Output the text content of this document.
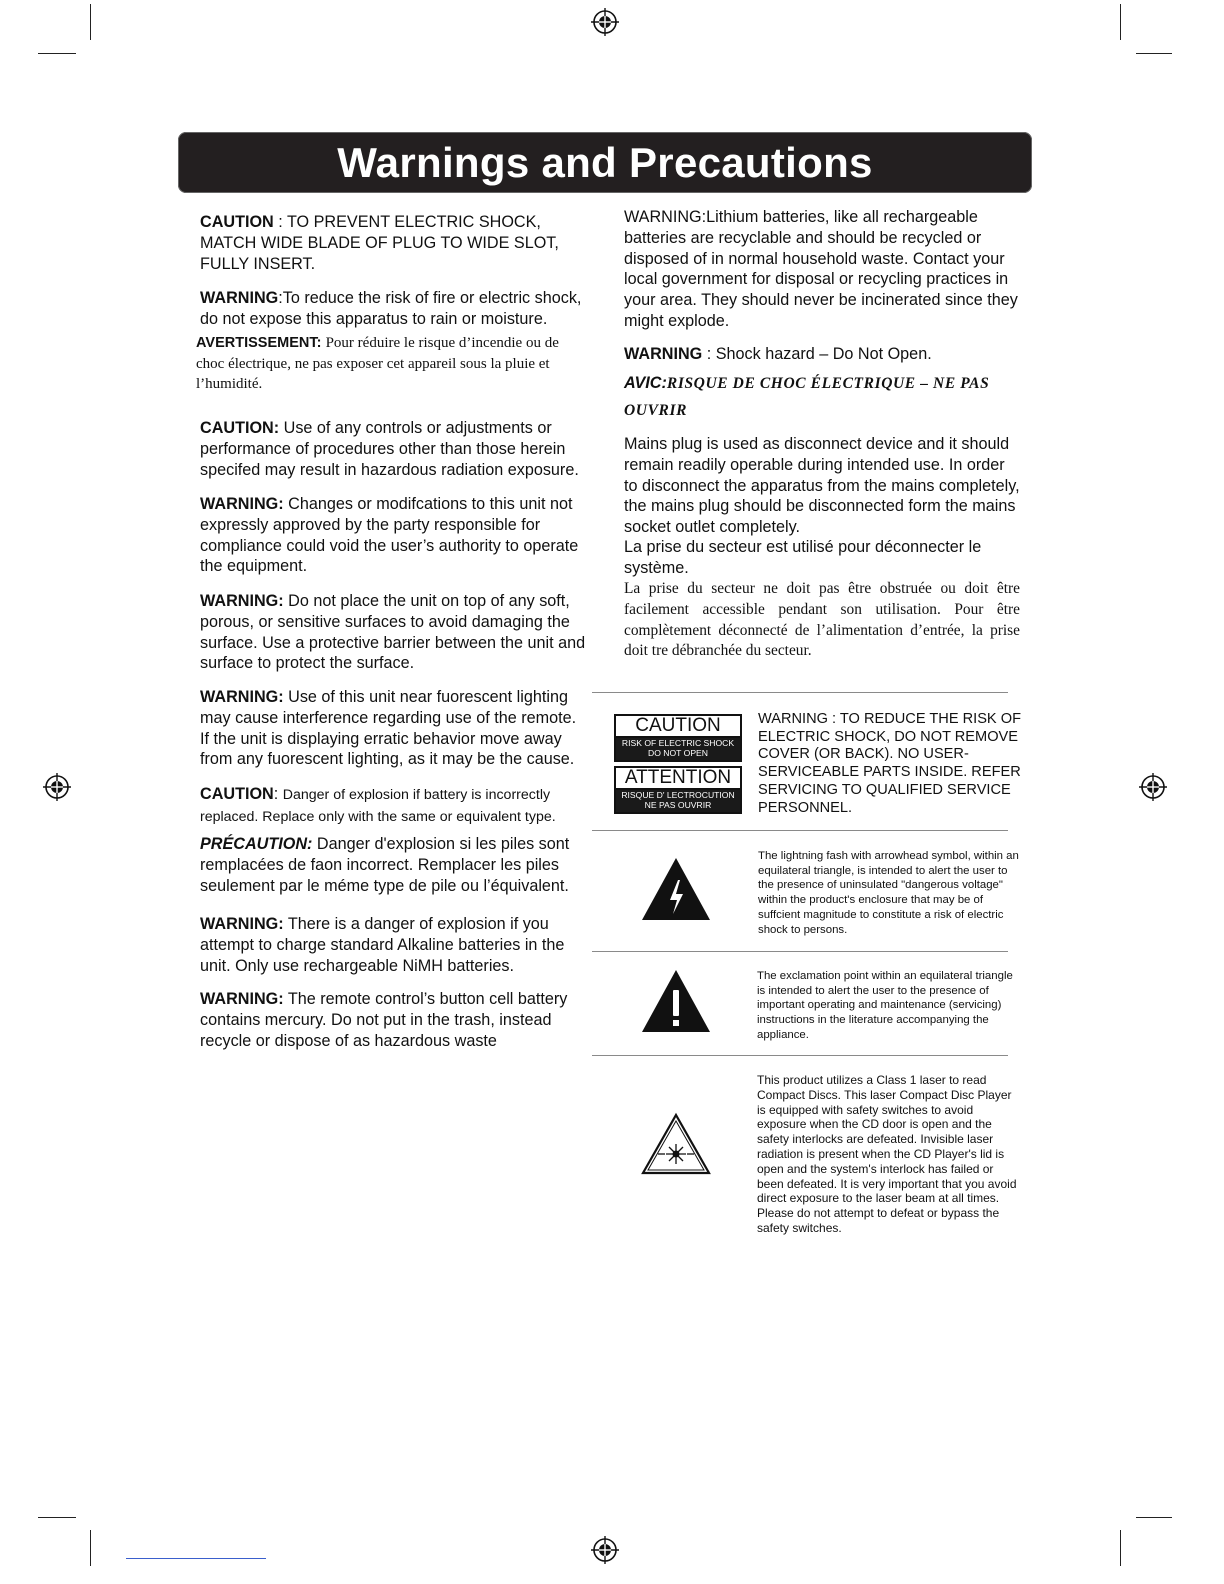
Warnings and Precautions
CAUTION : TO PREVENT ELECTRIC SHOCK, MATCH WIDE BLADE OF PLUG TO WIDE SLOT, FULLY INSERT.
WARNING:To reduce the risk of fire or electric shock, do not expose this apparatus to rain or moisture.
AVERTISSEMENT: Pour réduire le risque d’incendie ou de choc électrique, ne pas exposer cet appareil sous la pluie et l’humidité.
CAUTION: Use of any controls or adjustments or performance of procedures other than those herein specifed may result in hazardous radiation exposure.
WARNING: Changes or modifcations to this unit not expressly approved by the party responsible for compliance could void the user’s authority to operate the equipment.
WARNING: Do not place the unit on top of any soft, porous, or sensitive surfaces to avoid damaging the surface. Use a protective barrier between the unit and surface to protect the surface.
WARNING: Use of this unit near fuorescent lighting may cause interference regarding use of the remote. If the unit is displaying erratic behavior move away from any fuorescent lighting, as it may be the cause.
CAUTION: Danger of explosion if battery is incorrectly replaced. Replace only with the same or equivalent type.
PRÉCAUTION: Danger d'explosion si les piles sont remplacées de faon incorrect. Remplacer les piles seulement par le méme type de pile ou l’équivalent.
WARNING: There is a danger of explosion if you attempt to charge standard Alkaline batteries in the unit. Only use rechargeable NiMH batteries.
WARNING: The remote control’s button cell battery contains mercury. Do not put in the trash, instead recycle or dispose of as hazardous waste
WARNING:Lithium batteries, like all rechargeable batteries are recyclable and should be recycled or disposed of in normal household waste. Contact your local government for disposal or recycling practices in your area. They should never be incinerated since they might explode.
WARNING : Shock hazard – Do Not Open.
AVIC:RISQUE DE CHOC ÉLECTRIQUE – NE PAS OUVRIR
Mains plug is used as disconnect device and it should remain readily operable during intended use. In order to disconnect the apparatus from the mains completely, the mains plug should be disconnected form the mains socket outlet completely.
La prise du secteur est utilisé pour déconnecter le système.
La prise du secteur ne doit pas être obstruée ou doit être facilement accessible pendant son utilisation. Pour être complètement déconnecté de l’alimentation d’entrée, la prise doit tre débranchée du secteur.
CAUTION
RISK OF ELECTRIC SHOCK DO NOT OPEN
ATTENTION
RISQUE D' LECTROCUTION NE PAS OUVRIR
WARNING : TO REDUCE THE RISK OF ELECTRIC SHOCK, DO NOT REMOVE COVER (OR BACK). NO USER-SERVICEABLE PARTS INSIDE. REFER SERVICING TO QUALIFIED SERVICE PERSONNEL.
The lightning fash with arrowhead symbol, within an equilateral triangle, is intended to alert the user to the presence of uninsulated "dangerous voltage" within the product's enclosure that may be of suffcient magnitude to constitute a risk of electric shock to persons.
The exclamation point within an equilateral triangle is intended to alert the user to the presence of important operating and maintenance (servicing) instructions in the literature accompanying the appliance.
This product utilizes a Class 1 laser to read Compact Discs. This laser Compact Disc Player is equipped with safety switches to avoid exposure when the CD door is open and the safety interlocks are defeated. Invisible laser radiation is present when the CD Player's lid is open and the system's interlock has failed or been defeated. It is very important that you avoid direct exposure to the laser beam at all times. Please do not attempt to defeat or bypass the safety switches.
